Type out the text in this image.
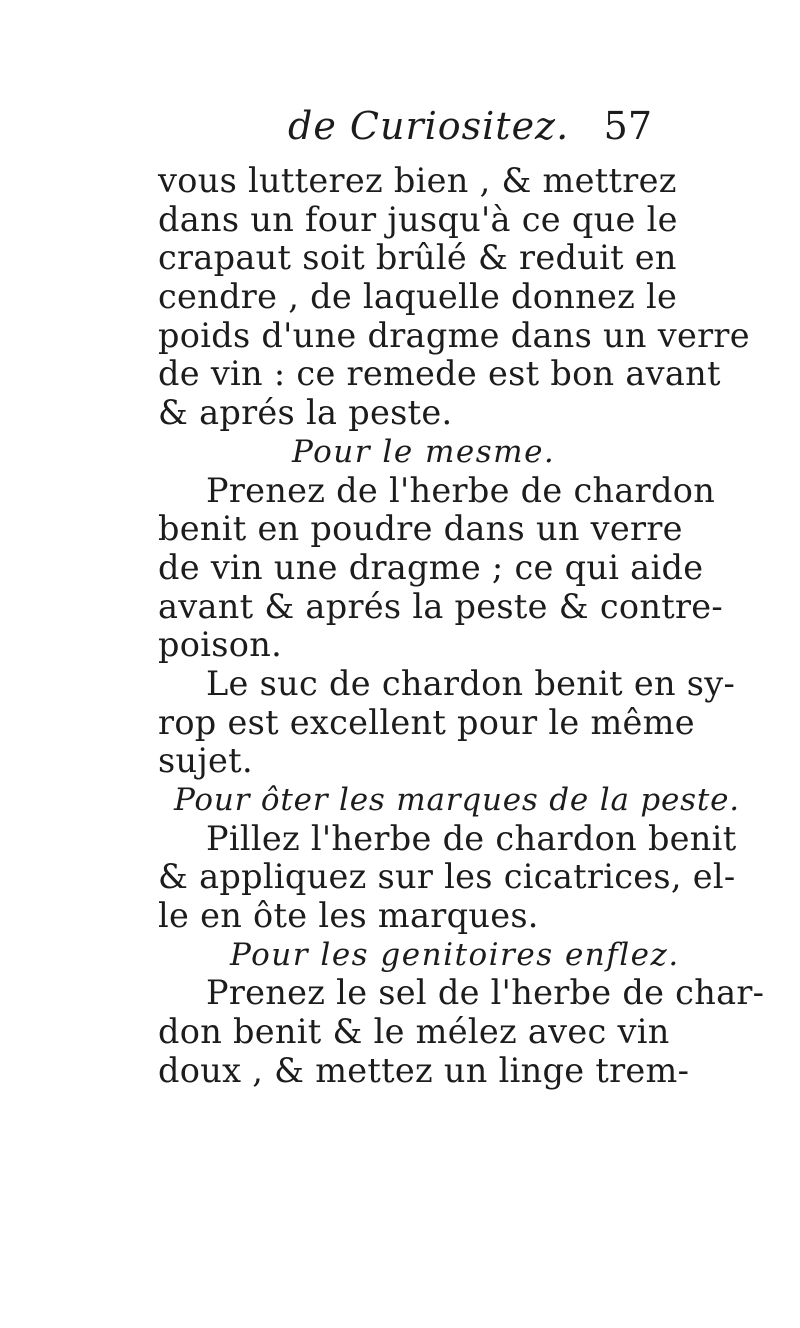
de Curiositez. 57
vous lutterez bien , & mettrez
dans un four jusqu'à ce que le
crapaut soit brûlé & reduit en
cendre , de laquelle donnez le
poids d'une dragme dans un verre
de vin : ce remede est bon avant
& aprés la peste.
Pour le mesme.
Prenez de l'herbe de chardon
benit en poudre dans un verre
de vin une dragme ; ce qui aide
avant & aprés la peste & contre-
poison.
Le suc de chardon benit en sy-
rop est excellent pour le même
sujet.
Pour ôter les marques de la peste.
Pillez l'herbe de chardon benit
& appliquez sur les cicatrices, el-
le en ôte les marques.
Pour les genitoires enflez.
Prenez le sel de l'herbe de char-
don benit & le mélez avec vin
doux , & mettez un linge trem-
